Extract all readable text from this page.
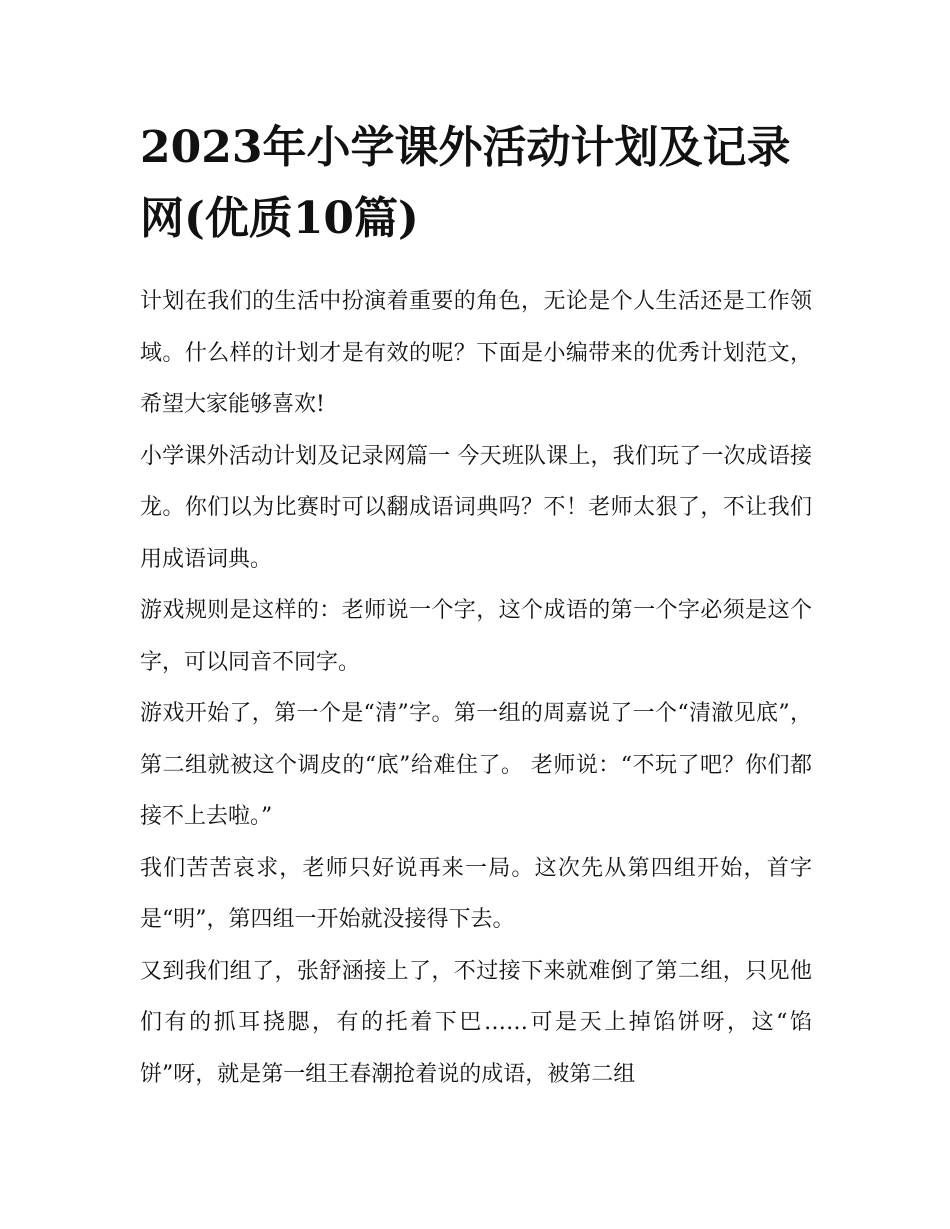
2023年小学课外活动计划及记录网(优质10篇)

计划在我们的生活中扮演着重要的角色，无论是个人生活还是工作领域。什么样的计划才是有效的呢？下面是小编带来的优秀计划范文，希望大家能够喜欢!

小学课外活动计划及记录网篇一 今天班队课上，我们玩了一次成语接龙。你们以为比赛时可以翻成语词典吗？不！老师太狠了，不让我们用成语词典。

游戏规则是这样的：老师说一个字，这个成语的第一个字必须是这个字，可以同音不同字。

游戏开始了，第一个是“清”字。第一组的周嘉说了一个“清澈见底”，第二组就被这个调皮的“底”给难住了。 老师说：“不玩了吧？你们都接不上去啦。”

我们苦苦哀求，老师只好说再来一局。这次先从第四组开始，首字是“明”，第四组一开始就没接得下去。

又到我们组了，张舒涵接上了，不过接下来就难倒了第二组，只见他们有的抓耳挠腮，有的托着下巴……可是天上掉馅饼呀，这“馅饼”呀，就是第一组王春潮抢着说的成语，被第二组
